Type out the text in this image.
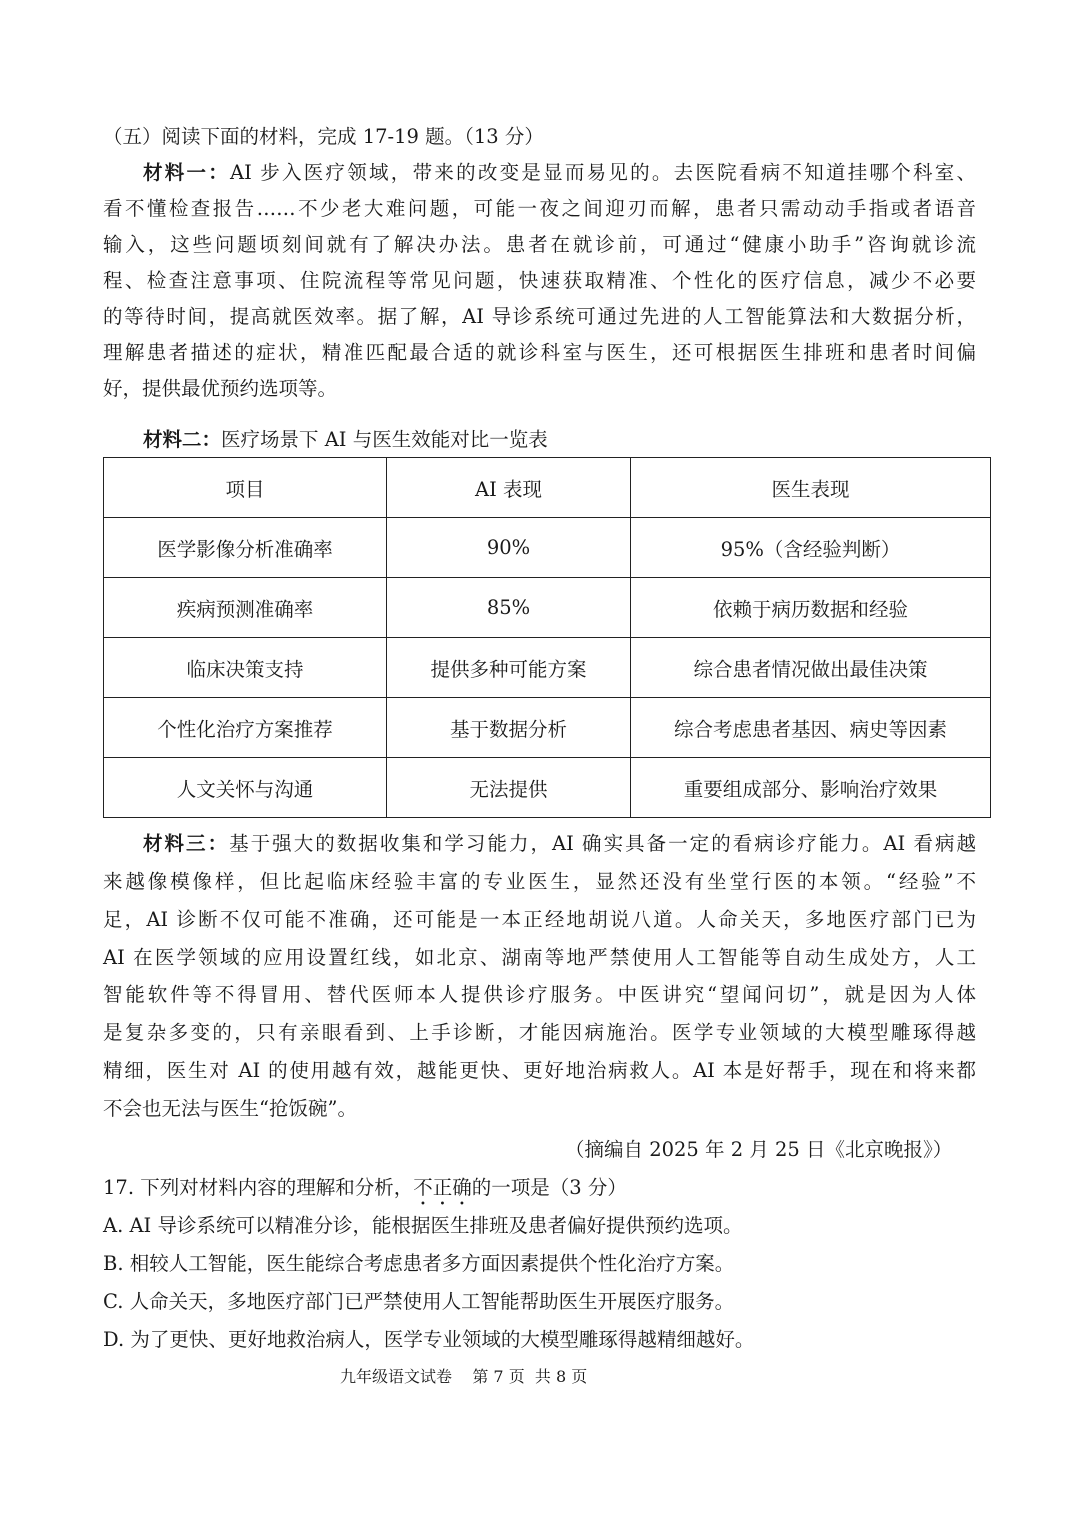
（五）阅读下面的材料，完成 17-19 题。（13 分）
材料一：AI 步入医疗领域，带来的改变是显而易见的。去医院看病不知道挂哪个科室、
看不懂检查报告……不少老大难问题，可能一夜之间迎刃而解，患者只需动动手指或者语音
输入，这些问题顷刻间就有了解决办法。患者在就诊前，可通过“健康小助手”咨询就诊流
程、检查注意事项、住院流程等常见问题，快速获取精准、个性化的医疗信息，减少不必要
的等待时间，提高就医效率。据了解，AI 导诊系统可通过先进的人工智能算法和大数据分析，
理解患者描述的症状，精准匹配最合适的就诊科室与医生，还可根据医生排班和患者时间偏
好，提供最优预约选项等。
材料二：医疗场景下 AI 与医生效能对比一览表
项目	AI 表现	医生表现
医学影像分析准确率	90%	95%（含经验判断）
疾病预测准确率	85%	依赖于病历数据和经验
临床决策支持	提供多种可能方案	综合患者情况做出最佳决策
个性化治疗方案推荐	基于数据分析	综合考虑患者基因、病史等因素
人文关怀与沟通	无法提供	重要组成部分、影响治疗效果
材料三：基于强大的数据收集和学习能力，AI 确实具备一定的看病诊疗能力。AI 看病越
来越像模像样，但比起临床经验丰富的专业医生，显然还没有坐堂行医的本领。“经验”不
足，AI 诊断不仅可能不准确，还可能是一本正经地胡说八道。人命关天，多地医疗部门已为
AI 在医学领域的应用设置红线，如北京、湖南等地严禁使用人工智能等自动生成处方，人工
智能软件等不得冒用、替代医师本人提供诊疗服务。中医讲究“望闻问切”，就是因为人体
是复杂多变的，只有亲眼看到、上手诊断，才能因病施治。医学专业领域的大模型雕琢得越
精细，医生对 AI 的使用越有效，越能更快、更好地治病救人。AI 本是好帮手，现在和将来都
不会也无法与医生“抢饭碗”。
（摘编自 2025 年 2 月 25 日《北京晚报》）
17. 下列对材料内容的理解和分析，不正确的一项是（3 分）
A. AI 导诊系统可以精准分诊，能根据医生排班及患者偏好提供预约选项。
B. 相较人工智能，医生能综合考虑患者多方面因素提供个性化治疗方案。
C. 人命关天，多地医疗部门已严禁使用人工智能帮助医生开展医疗服务。
D. 为了更快、更好地救治病人，医学专业领域的大模型雕琢得越精细越好。
九年级语文试卷    第 7 页  共 8 页
